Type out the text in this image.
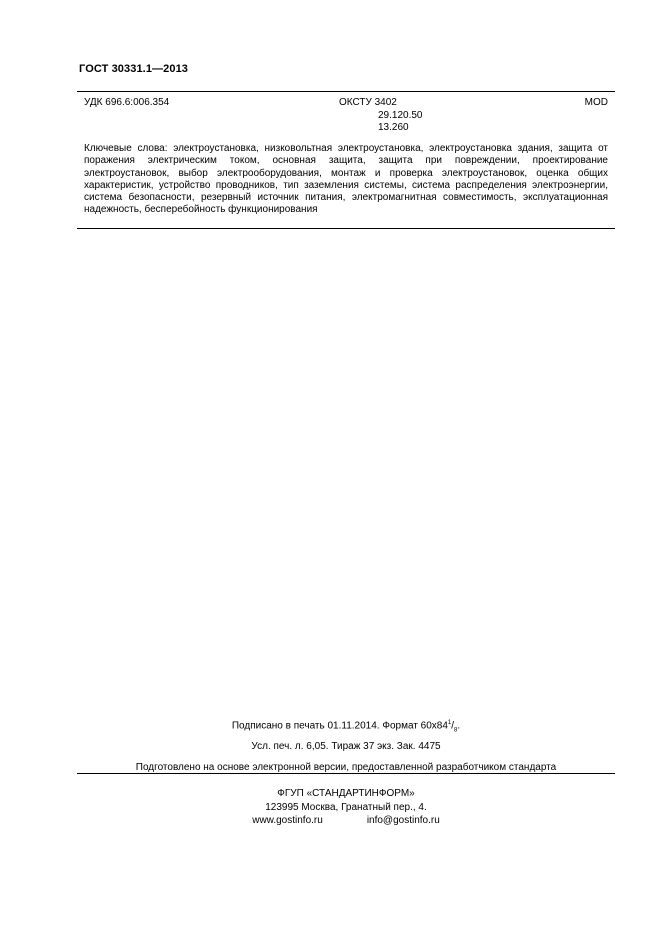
ГОСТ 30331.1—2013
УДК 696.6:006.354	ОКСТУ 3402
29.120.50
13.260
MOD
Ключевые слова: электроустановка, низковольтная электроустановка, электроустановка здания, защита от поражения электрическим током, основная защита, защита при повреждении, проектирование электроустановок, выбор электрооборудования, монтаж и проверка электроустановок, оценка общих характеристик, устройство проводников, тип заземления системы, система распределения электроэнергии, система безопасности, резервный источник питания, электромагнитная совместимость, эксплуатационная надежность, бесперебойность функционирования
Подписано в печать 01.11.2014. Формат $60х84^1/_8$.
Усл. печ. л. 6,05. Тираж 37 экз. Зак. 4475
Подготовлено на основе электронной версии, предоставленной разработчиком стандарта
ФГУП «СТАНДАРТИНФОРМ»
123995 Москва, Гранатный пер., 4.
www.gostinfo.ru	info@gostinfo.ru
